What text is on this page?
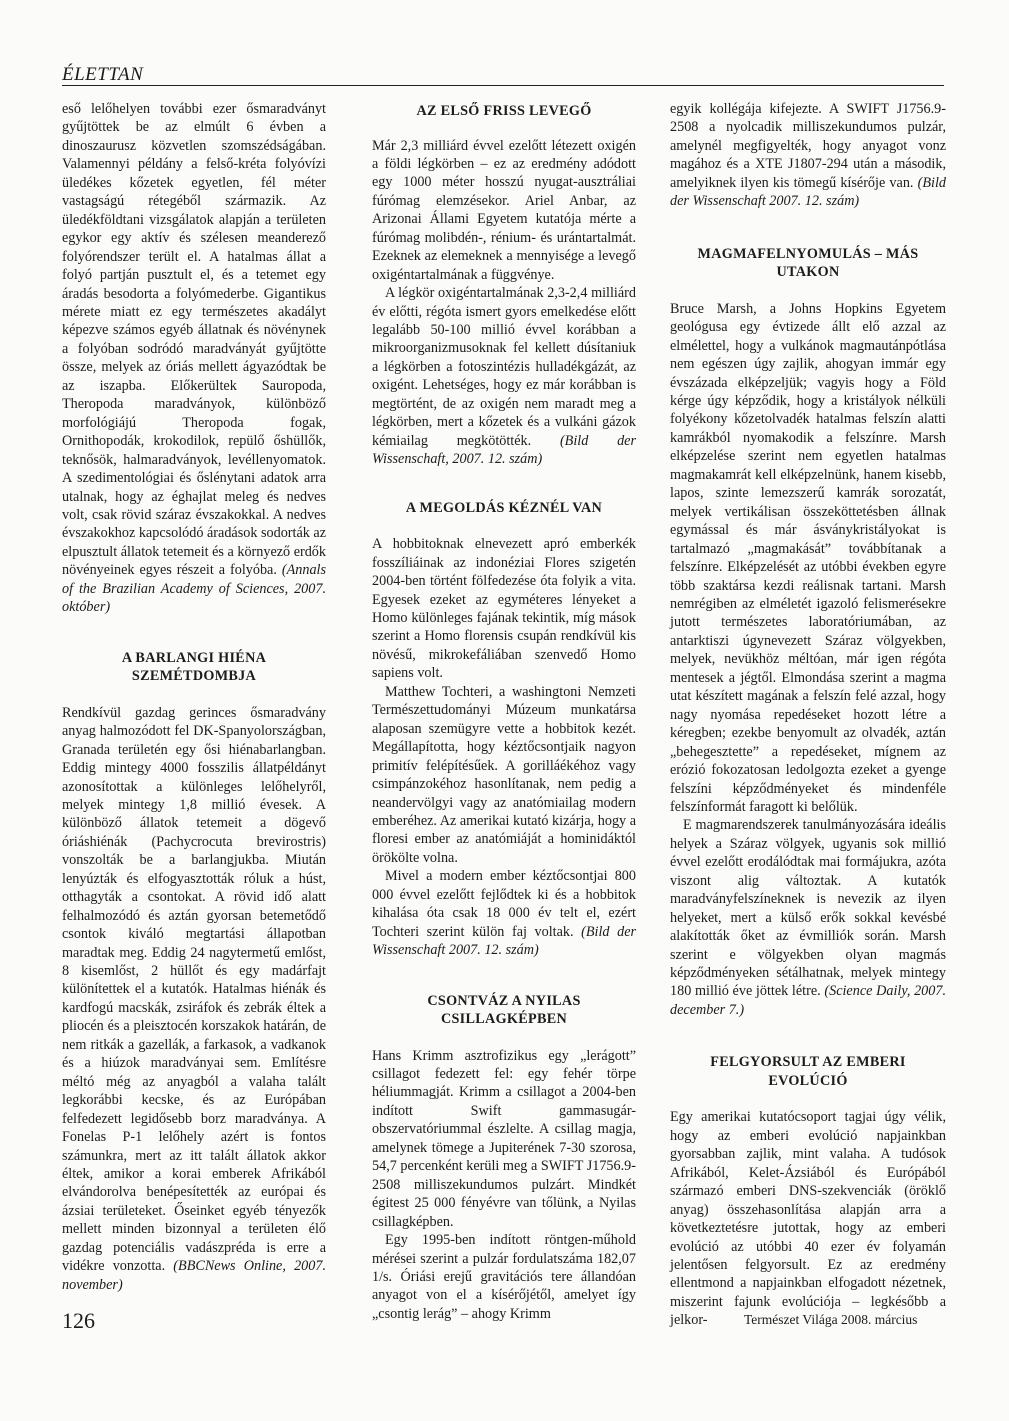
ÉLETTAN

eső lelőhelyen további ezer ősmaradványt gyűjtöttek be az elmúlt 6 évben a dinoszaurusz közvetlen szomszédságában. Valamennyi példány a felső-kréta folyóvízi üledékes kőzetek egyetlen, fél méter vastagságú rétegéből származik. Az üledékföldtani vizsgálatok alapján a területen egykor egy aktív és szélesen meanderező folyórendszer terült el. A hatalmas állat a folyó partján pusztult el, és a tetemet egy áradás besodorta a folyómederbe. Gigantikus mérete miatt ez egy természetes akadályt képezve számos egyéb állatnak és növénynek a folyóban sodródó maradványát gyűjtötte össze, melyek az óriás mellett ágyazódtak be az iszapba. Előkerültek Sauropoda, Theropoda maradványok, különböző morfológiájú Theropoda fogak, Ornithopodák, krokodilok, repülő őshüllők, teknősök, halmaradványok, levéllenyomatok. A szedimentológiai és őslénytani adatok arra utalnak, hogy az éghajlat meleg és nedves volt, csak rövid száraz évszakokkal. A nedves évszakokhoz kapcsolódó áradások sodorták az elpusztult állatok tetemeit és a környező erdők növényeinek egyes részeit a folyóba. (Annals of the Brazilian Academy of Sciences, 2007. október)

A BARLANGI HIÉNA SZEMÉTDOMBJA

Rendkívül gazdag gerinces ősmaradvány anyag halmozódott fel DK-Spanyolországban, Granada területén egy ősi hiénabarlangban. Eddig mintegy 4000 fosszilis állatpéldányt azonosítottak a különleges lelőhelyről, melyek mintegy 1,8 millió évesek. A különböző állatok tetemeit a dögevő óriáshiénák (Pachycrocuta brevirostris) vonszolták be a barlangjukba. Miután lenyúzták és elfogyasztották róluk a húst, otthagyták a csontokat. A rövid idő alatt felhalmozódó és aztán gyorsan betemetődő csontok kiváló megtartási állapotban maradtak meg. Eddig 24 nagytermetű emlőst, 8 kisemlőst, 2 hüllőt és egy madárfajt különítettek el a kutatók. Hatalmas hiénák és kardfogú macskák, zsiráfok és zebrák éltek a pliocén és a pleisztocén korszakok határán, de nem ritkák a gazellák, a farkasok, a vadkanok és a hiúzok maradványai sem. Említésre méltó még az anyagból a valaha talált legkorábbi kecske, és az Európában felfedezett legidősebb borz maradványa. A Fonelas P-1 lelőhely azért is fontos számunkra, mert az itt talált állatok akkor éltek, amikor a korai emberek Afrikából elvándorolva benépesítették az európai és ázsiai területeket. Őseinket egyéb tényezők mellett minden bizonnyal a területen élő gazdag potenciális vadászpréda is erre a vidékre vonzotta. (BBCNews Online, 2007. november)

AZ ELSŐ FRISS LEVEGŐ

Már 2,3 milliárd évvel ezelőtt létezett oxigén a földi légkörben – ez az eredmény adódott egy 1000 méter hosszú nyugat-ausztráliai fúrómag elemzésekor. Ariel Anbar, az Arizonai Állami Egyetem kutatója mérte a fúrómag molibdén-, rénium- és urántartalmát. Ezeknek az elemeknek a mennyisége a levegő oxigéntartalmának a függvénye.

A légkör oxigéntartalmának 2,3-2,4 milliárd év előtti, régóta ismert gyors emelkedése előtt legalább 50-100 millió évvel korábban a mikroorganizmusoknak fel kellett dúsítaniuk a légkörben a fotoszintézis hulladékgázát, az oxigént. Lehetséges, hogy ez már korábban is megtörtént, de az oxigén nem maradt meg a légkörben, mert a kőzetek és a vulkáni gázok kémiailag megkötötték. (Bild der Wissenschaft, 2007. 12. szám)

A MEGOLDÁS KÉZNÉL VAN

A hobbitoknak elnevezett apró emberkék fosszíliáinak az indonéziai Flores szigetén 2004-ben történt fölfedezése óta folyik a vita. Egyesek ezeket az egyméteres lényeket a Homo különleges fajának tekintik, míg mások szerint a Homo florensis csupán rendkívül kis növésű, mikrokefáliában szenvedő Homo sapiens volt.

Matthew Tochteri, a washingtoni Nemzeti Természettudományi Múzeum munkatársa alaposan szemügyre vette a hobbitok kezét. Megállapította, hogy kéztőcsontjaik nagyon primitív felépítésűek. A gorilláékéhoz vagy csimpánzokéhoz hasonlítanak, nem pedig a neandervölgyi vagy az anatómiailag modern emberéhez. Az amerikai kutató kizárja, hogy a floresi ember az anatómiáját a hominidáktól örökölte volna.

Mivel a modern ember kéztőcsontjai 800 000 évvel ezelőtt fejlődtek ki és a hobbitok kihalása óta csak 18 000 év telt el, ezért Tochteri szerint külön faj voltak. (Bild der Wissenschaft 2007. 12. szám)

CSONTVÁZ A NYILAS CSILLAGKÉPBEN

Hans Krimm asztrofizikus egy „lerágott” csillagot fedezett fel: egy fehér törpe héliummagját. Krimm a csillagot a 2004-ben indított Swift gammasugár-obszervatóriummal észlelte. A csillag magja, amelynek tömege a Jupiterének 7-30 szorosa, 54,7 percenként kerüli meg a SWIFT J1756.9-2508 milliszekundumos pulzárt. Mindkét égitest 25 000 fényévre van tőlünk, a Nyilas csillagképben.

Egy 1995-ben indított röntgen-műhold mérései szerint a pulzár fordulatszáma 182,07 1/s. Óriási erejű gravitációs tere állandóan anyagot von el a kísérőjétől, amelyet így „csontig lerág” – ahogy Krimm

egyik kollégája kifejezte. A SWIFT J1756.9-2508 a nyolcadik milliszekundumos pulzár, amelynél megfigyelték, hogy anyagot vonz magához és a XTE J1807-294 után a második, amelyiknek ilyen kis tömegű kísérője van. (Bild der Wissenschaft 2007. 12. szám)

MAGMAFELNYOMULÁS – MÁS UTAKON

Bruce Marsh, a Johns Hopkins Egyetem geológusa egy évtizede állt elő azzal az elmélettel, hogy a vulkánok magmautánpótlása nem egészen úgy zajlik, ahogyan immár egy évszázada elképzeljük; vagyis hogy a Föld kérge úgy képződik, hogy a kristályok nélküli folyékony kőzetolvadék hatalmas felszín alatti kamrákból nyomakodik a felszínre. Marsh elképzelése szerint nem egyetlen hatalmas magmakamrát kell elképzelnünk, hanem kisebb, lapos, szinte lemezszerű kamrák sorozatát, melyek vertikálisan összeköttetésben állnak egymással és már ásványkristályokat is tartalmazó „magmakását” továbbítanak a felszínre. Elképzelését az utóbbi években egyre több szaktársa kezdi reálisnak tartani. Marsh nemrégiben az elméletét igazoló felismerésekre jutott természetes laboratóriumában, az antarktiszi úgynevezett Száraz völgyekben, melyek, nevükhöz méltóan, már igen régóta mentesek a jégtől. Elmondása szerint a magma utat készített magának a felszín felé azzal, hogy nagy nyomása repedéseket hozott létre a kéregben; ezekbe benyomult az olvadék, aztán „behegesztette” a repedéseket, mígnem az erózió fokozatosan ledolgozta ezeket a gyenge felszíni képződményeket és mindenféle felszínformát faragott ki belőlük.

E magmarendszerek tanulmányozására ideális helyek a Száraz völgyek, ugyanis sok millió évvel ezelőtt erodálódtak mai formájukra, azóta viszont alig változtak. A kutatók maradványfelszíneknek is nevezik az ilyen helyeket, mert a külső erők sokkal kevésbé alakították őket az évmilliók során. Marsh szerint e völgyekben olyan magmás képződményeken sétálhatnak, melyek mintegy 180 millió éve jöttek létre. (Science Daily, 2007. december 7.)

FELGYORSULT AZ EMBERI EVOLÚCIÓ

Egy amerikai kutatócsoport tagjai úgy vélik, hogy az emberi evolúció napjainkban gyorsabban zajlik, mint valaha. A tudósok Afrikából, Kelet-Ázsiából és Európából származó emberi DNS-szekvenciák (öröklő anyag) összehasonlítása alapján arra a következtetésre jutottak, hogy az emberi evolúció az utóbbi 40 ezer év folyamán jelentősen felgyorsult. Ez az eredmény ellentmond a napjainkban elfogadott nézetnek, miszerint fajunk evolúciója – legkésőbb a jelkor-

126	Természet Világa 2008. március
